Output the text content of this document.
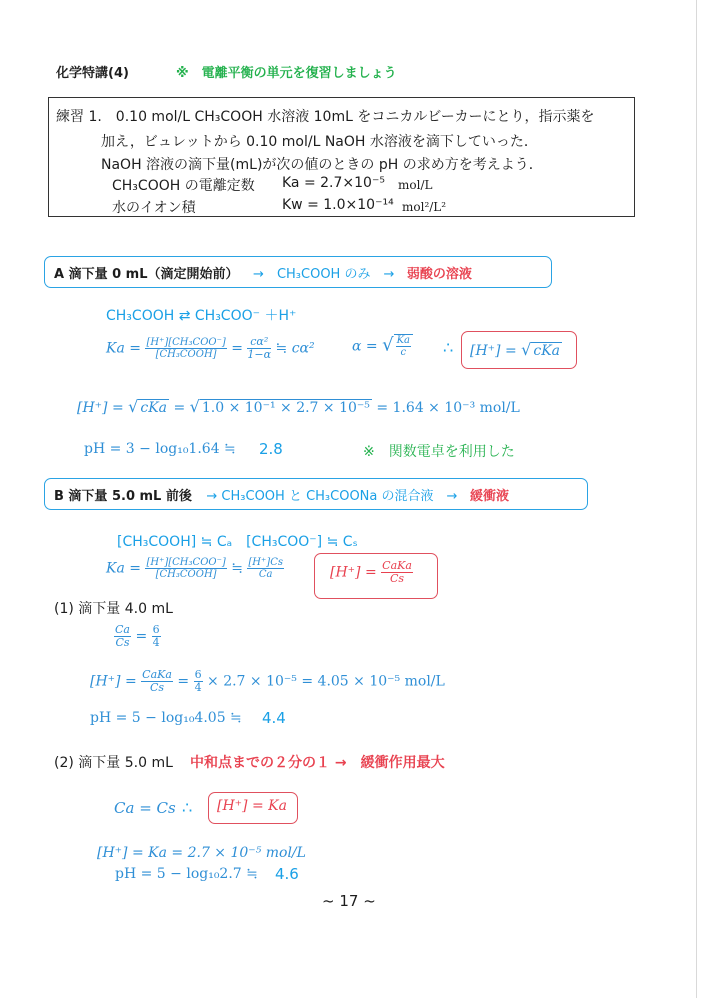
化学特講(4)	※　電離平衡の単元を復習しましょう
練習 1.　0.10 mol/L CH₃COOH 水溶液 10mL をコニカルビーカーにとり，指示薬を
加え，ビュレットから 0.10 mol/L NaOH 水溶液を滴下していった．
NaOH 溶液の滴下量(mL)が次の値のときの pH の求め方を考えよう．
CH₃COOH の電離定数 Ka = 2.7×10⁻⁵ mol/L
水のイオン積	Kw = 1.0×10⁻¹⁴ mol²/L²
A 滴下量 0 mL（滴定開始前） →　CH₃COOH のみ　→ 弱酸の溶液
CH₃COOH ⇄ CH₃COO⁻ ＋H⁺
$Ka = \frac{\text{[H⁺][CH₃COO⁻]}}{\text{[CH₃COOH]}} = \frac{\text{cα²}}{1-\alpha}$ ≒ cα²	α = √ $\frac{Ka}{c}$ ∴ [H⁺] = √ cKa
[H⁺] = √ cKa = √ 1.0 × 10⁻¹ × 2.7 × 10⁻⁵ = 1.64 × 10⁻³ mol/L
pH = 3 − log₁₀1.64 ≒ 2.8	※　関数電卓を利用した
B 滴下量 5.0 mL 前後 → CH₃COOH と CH₃COONa の混合液　→ 緩衝液
[CH₃COOH] ≒ Cₐ　[CH₃COO⁻] ≒ Cₛ
$Ka = \frac{\text{[H⁺][CH₃COO⁻]}}{\text{[CH₃COOH]}}$ ≒ $\frac{[H^+]Cs}{Ca}$	$[H^+] = \frac{\text{CaKa}}{Cs}$
(1) 滴下量 4.0 mL
$\frac{Ca}{Cs} = \frac{6}{4}$
$[H^+] = \frac{\text{CaKa}}{Cs} = \frac{6}{4} \times 2.7 \times 10^{-5} = 4.05 \times 10^{-5}$ mol/L
pH = 5 − log₁₀4.05 ≒ 4.4
(2) 滴下量 5.0 mL 中和点までの２分の１ →　緩衝作用最大
Ca = Cs ∴ [H⁺] = Ka
[H⁺] = Ka = 2.7 × 10⁻⁵ mol/L
pH = 5 − log₁₀2.7 ≒ 4.6
~ 17 ~
